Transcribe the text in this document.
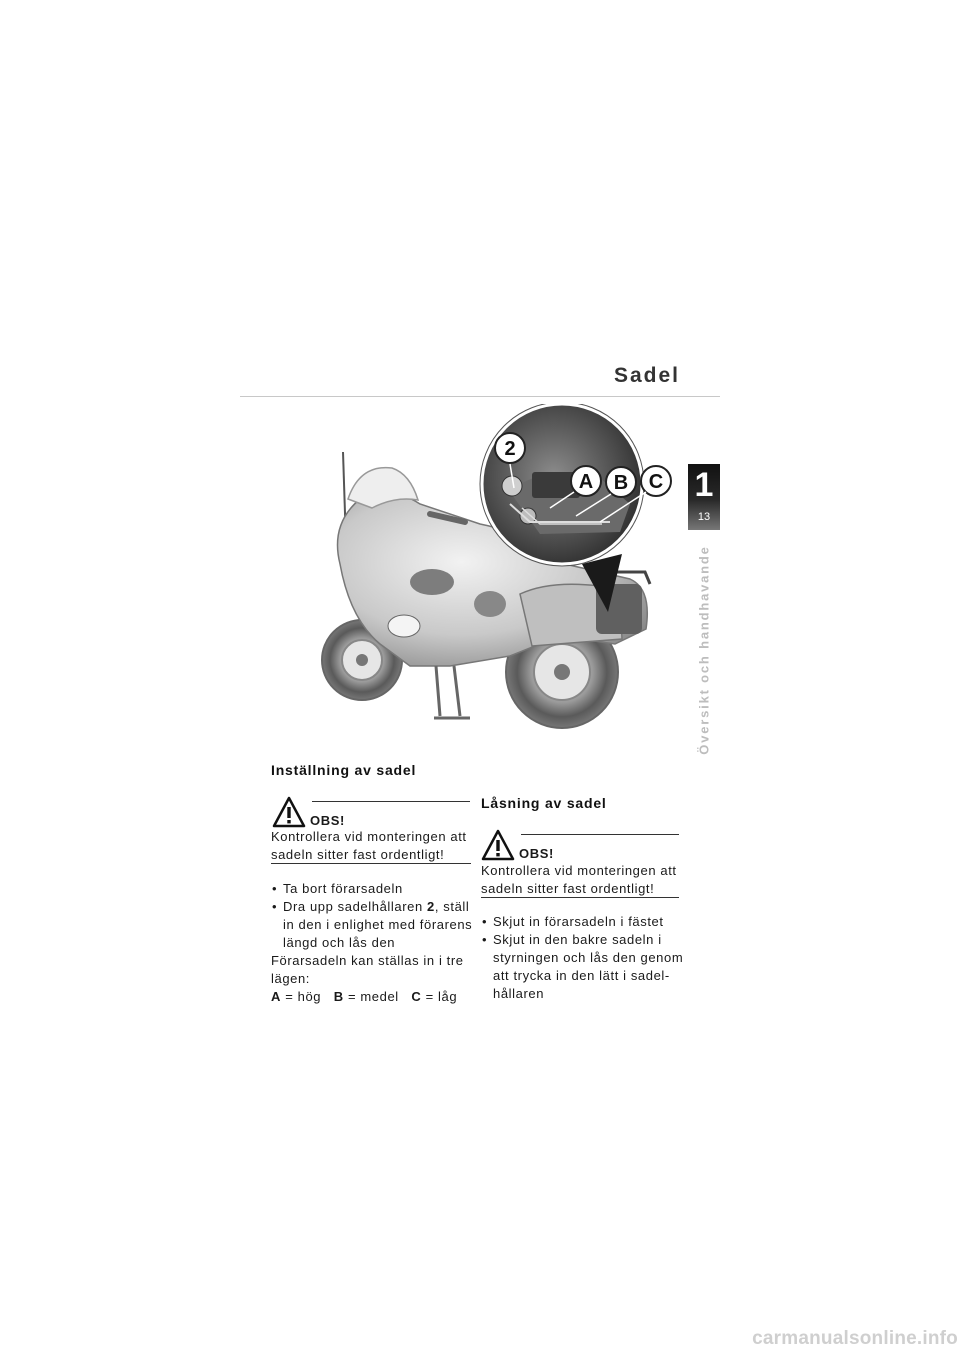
Sadel
1
13
Översikt och handhavande
2
A B C
Inställning av sadel
OBS!
Kontrollera vid monteringen att
sadeln sitter fast ordentligt!
• Ta bort förarsadeln
• Dra upp sadelhållaren 2, ställ
in den i enlighet med förarens
längd och lås den
Förarsadeln kan ställas in i tre
lägen:
A = hög B = medel C = låg
Låsning av sadel
OBS!
Kontrollera vid monteringen att
sadeln sitter fast ordentligt!
• Skjut in förarsadeln i fästet
• Skjut in den bakre sadeln i
styrningen och lås den genom
att trycka in den lätt i sadel-
hållaren
carmanualsonline.info
